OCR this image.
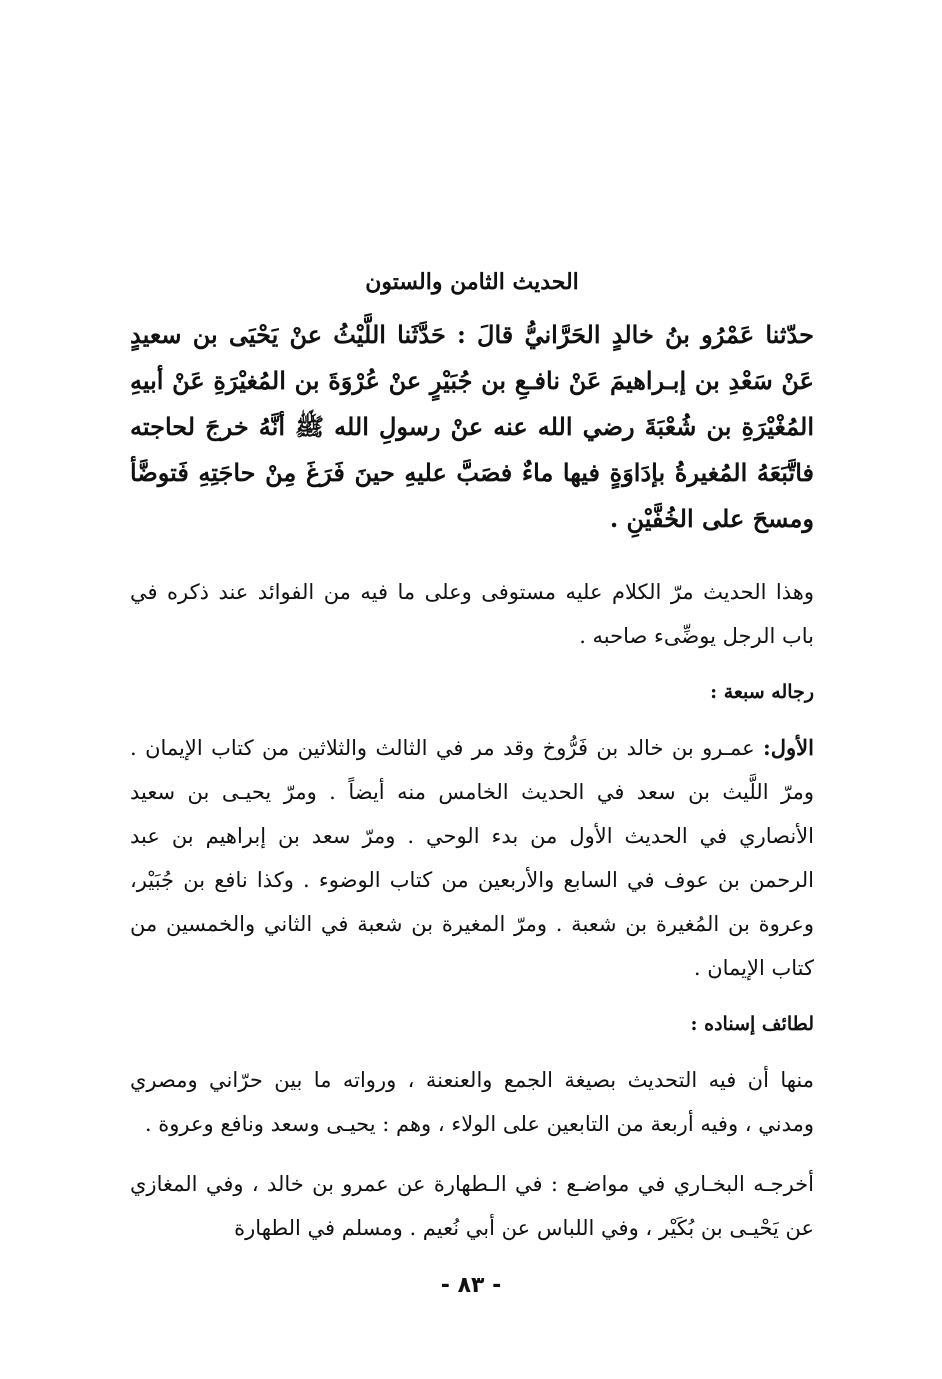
الحديث الثامن والستون
حدّثنا عَمْرُو بنُ خالدٍ الحَرَّانيُّ قالَ : حَدَّثَنا اللَّيْثُ عنْ يَحْيَى بن سعيدٍ عَنْ سَعْدِ بن إبـراهيمَ عَنْ نافـعِ بن جُبَيْرٍ عنْ عُرْوَةَ بن المُغيْرَةِ عَنْ أبيهِ المُغْيْرَةِ بن شُعْبَةَ رضي الله عنه عنْ رسولِ الله ﷺ أنَّهُ خرجَ لحاجته فاتَّبَعَهُ المُغيرةُ بإدَاوَةٍ فيها ماءٌ فصَبَّ عليهِ حينَ فَرَغَ مِنْ حاجَتِهِ فَتوضَّأ ومسحَ على الخُفَّيْنِ .
وهذا الحديث مرّ الكلام عليه مستوفى وعلى ما فيه من الفوائد عند ذكره في باب الرجل يوضِّىء صاحبه .
رجاله سبعة :
الأول: عمـرو بن خالد بن فَرُّوخ وقد مر في الثالث والثلاثين من كتاب الإيمان . ومرّ اللَّيث بن سعد في الحديث الخامس منه أيضاً . ومرّ يحيـى بن سعيد الأنصاري في الحديث الأول من بدء الوحي . ومرّ سعد بن إبراهيم بن عبد الرحمن بن عوف في السابع والأربعين من كتاب الوضوء . وكذا نافع بن جُبَيْر، وعروة بن المُغيرة بن شعبة . ومرّ المغيرة بن شعبة في الثاني والخمسين من كتاب الإيمان .
لطائف إسناده :
منها أن فيه التحديث بصيغة الجمع والعنعنة ، ورواته ما بين حرّاني ومصري ومدني ، وفيه أربعة من التابعين على الولاء ، وهم : يحيـى وسعد ونافع وعروة .
أخرجـه البخـاري في مواضـع : في الـطهارة عن عمرو بن خالد ، وفي المغازي عن يَحْيـى بن بُكَيْر ، وفي اللباس عن أبي نُعيم . ومسلم في الطهارة
- ٨٣ -
